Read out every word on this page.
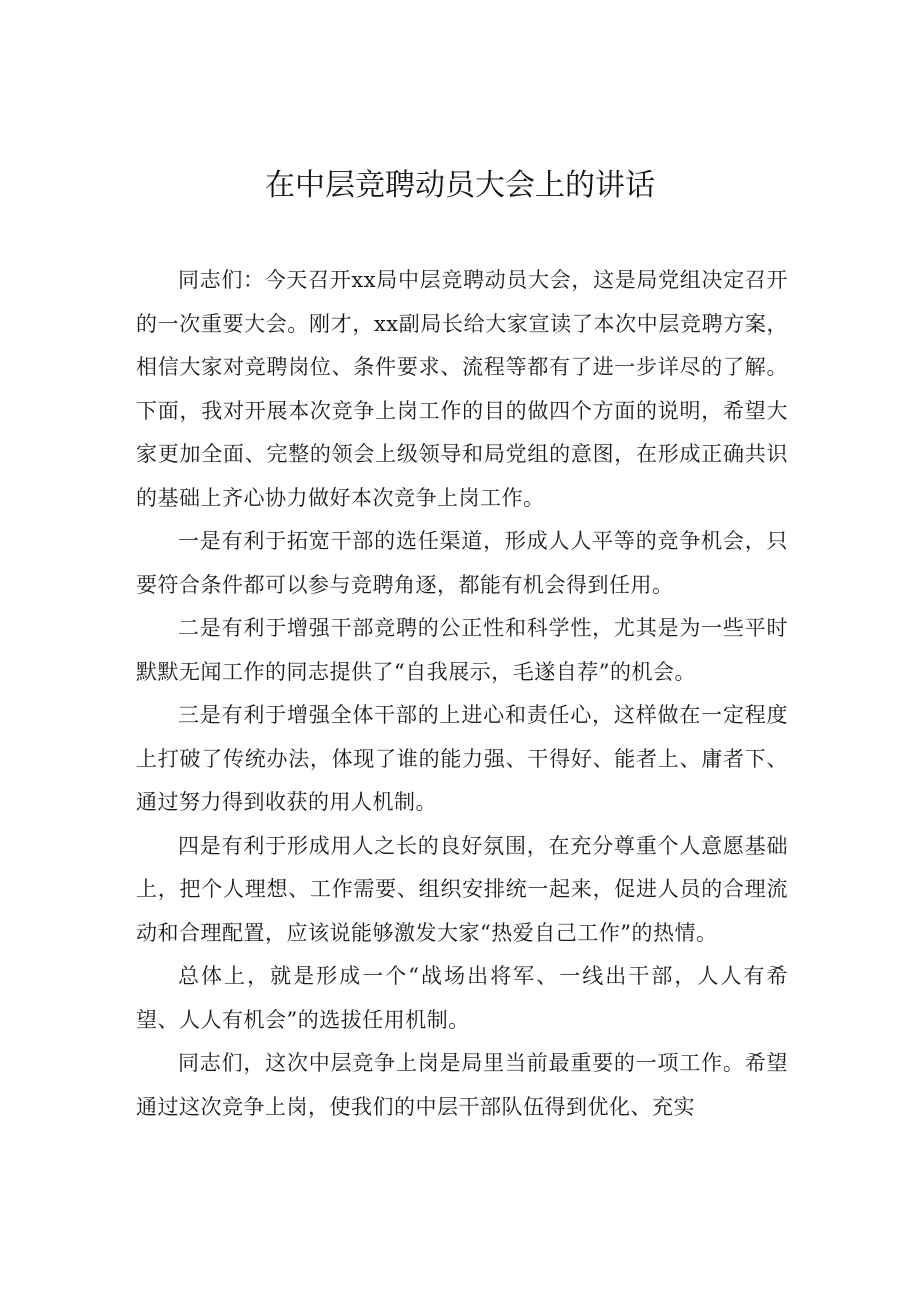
在中层竞聘动员大会上的讲话

同志们：今天召开xx局中层竞聘动员大会，这是局党组决定召开的一次重要大会。刚才，xx副局长给大家宣读了本次中层竞聘方案，相信大家对竞聘岗位、条件要求、流程等都有了进一步详尽的了解。下面，我对开展本次竞争上岗工作的目的做四个方面的说明，希望大家更加全面、完整的领会上级领导和局党组的意图，在形成正确共识的基础上齐心协力做好本次竞争上岗工作。

一是有利于拓宽干部的选任渠道，形成人人平等的竞争机会，只要符合条件都可以参与竞聘角逐，都能有机会得到任用。

二是有利于增强干部竞聘的公正性和科学性，尤其是为一些平时默默无闻工作的同志提供了“自我展示，毛遂自荐”的机会。

三是有利于增强全体干部的上进心和责任心，这样做在一定程度上打破了传统办法，体现了谁的能力强、干得好、能者上、庸者下、通过努力得到收获的用人机制。

四是有利于形成用人之长的良好氛围，在充分尊重个人意愿基础上，把个人理想、工作需要、组织安排统一起来，促进人员的合理流动和合理配置，应该说能够激发大家“热爱自己工作”的热情。

总体上，就是形成一个“战场出将军、一线出干部，人人有希望、人人有机会”的选拔任用机制。

同志们，这次中层竞争上岗是局里当前最重要的一项工作。希望通过这次竞争上岗，使我们的中层干部队伍得到优化、充实
